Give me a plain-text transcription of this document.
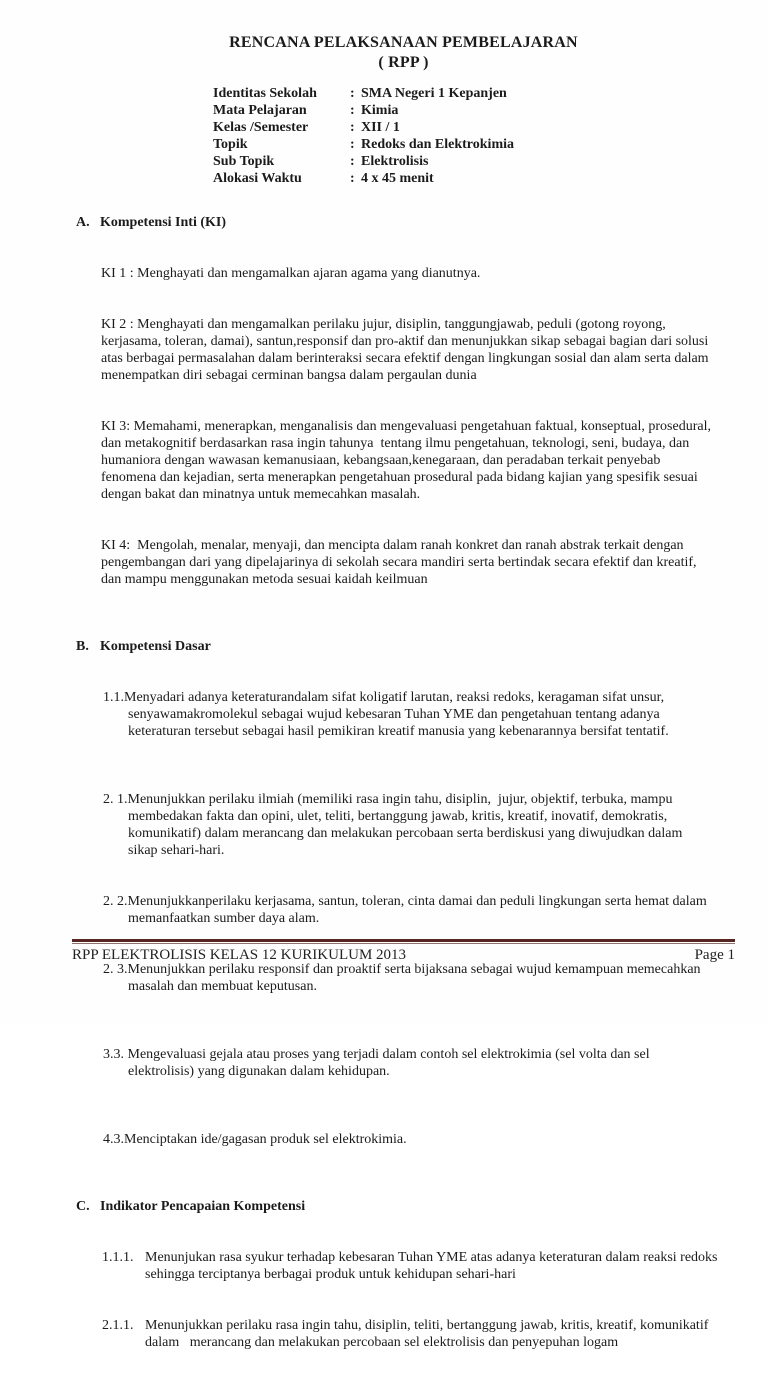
RENCANA PELAKSANAAN PEMBELAJARAN
( RPP )
Identitas Sekolah	: SMA Negeri 1 Kepanjen
Mata Pelajaran	: Kimia
Kelas /Semester	: XII / 1
Topik	: Redoks dan Elektrokimia
Sub Topik	: Elektrolisis
Alokasi Waktu	: 4 x 45 menit
A. Kompetensi Inti (KI)

KI 1 : Menghayati dan mengamalkan ajaran agama yang dianutnya.

KI 2 : Menghayati dan mengamalkan perilaku jujur, disiplin, tanggungjawab, peduli (gotong royong, kerjasama, toleran, damai), santun,responsif dan pro-aktif dan menunjukkan sikap sebagai bagian dari solusi atas berbagai permasalahan dalam berinteraksi secara efektif dengan lingkungan sosial dan alam serta dalam menempatkan diri sebagai cerminan bangsa dalam pergaulan dunia

KI 3: Memahami, menerapkan, menganalisis dan mengevaluasi pengetahuan faktual, konseptual, prosedural, dan metakognitif berdasarkan rasa ingin tahunya  tentang ilmu pengetahuan, teknologi, seni, budaya, dan humaniora dengan wawasan kemanusiaan, kebangsaan,kenegaraan, dan peradaban terkait penyebab fenomena dan kejadian, serta menerapkan pengetahuan prosedural pada bidang kajian yang spesifik sesuai dengan bakat dan minatnya untuk memecahkan masalah.

KI 4:  Mengolah, menalar, menyaji, dan mencipta dalam ranah konkret dan ranah abstrak terkait dengan pengembangan dari yang dipelajarinya di sekolah secara mandiri serta bertindak secara efektif dan kreatif, dan mampu menggunakan metoda sesuai kaidah keilmuan

B. Kompetensi Dasar

1.1.Menyadari adanya keteraturandalam sifat koligatif larutan, reaksi redoks, keragaman sifat unsur, senyawamakromolekul sebagai wujud kebesaran Tuhan YME dan pengetahuan tentang adanya keteraturan tersebut sebagai hasil pemikiran kreatif manusia yang kebenarannya bersifat tentatif.

2. 1.Menunjukkan perilaku ilmiah (memiliki rasa ingin tahu, disiplin,  jujur, objektif, terbuka, mampu membedakan fakta dan opini, ulet, teliti, bertanggung jawab, kritis, kreatif, inovatif, demokratis, komunikatif) dalam merancang dan melakukan percobaan serta berdiskusi yang diwujudkan dalam sikap sehari-hari.

2. 2.Menunjukkanperilaku kerjasama, santun, toleran, cinta damai dan peduli lingkungan serta hemat dalam memanfaatkan sumber daya alam.

2. 3.Menunjukkan perilaku responsif dan proaktif serta bijaksana sebagai wujud kemampuan memecahkan masalah dan membuat keputusan.

3.3. Mengevaluasi gejala atau proses yang terjadi dalam contoh sel elektrokimia (sel volta dan sel elektrolisis) yang digunakan dalam kehidupan.

4.3.Menciptakan ide/gagasan produk sel elektrokimia.

C. Indikator Pencapaian Kompetensi

1.1.1. Menunjukan rasa syukur terhadap kebesaran Tuhan YME atas adanya keteraturan dalam reaksi redoks sehingga terciptanya berbagai produk untuk kehidupan sehari-hari

2.1.1. Menunjukkan perilaku rasa ingin tahu, disiplin, teliti, bertanggung jawab, kritis, kreatif, komunikatif dalam   merancang dan melakukan percobaan sel elektrolisis dan penyepuhan logam

RPP ELEKTROLISIS KELAS 12 KURIKULUM 2013	Page 1
